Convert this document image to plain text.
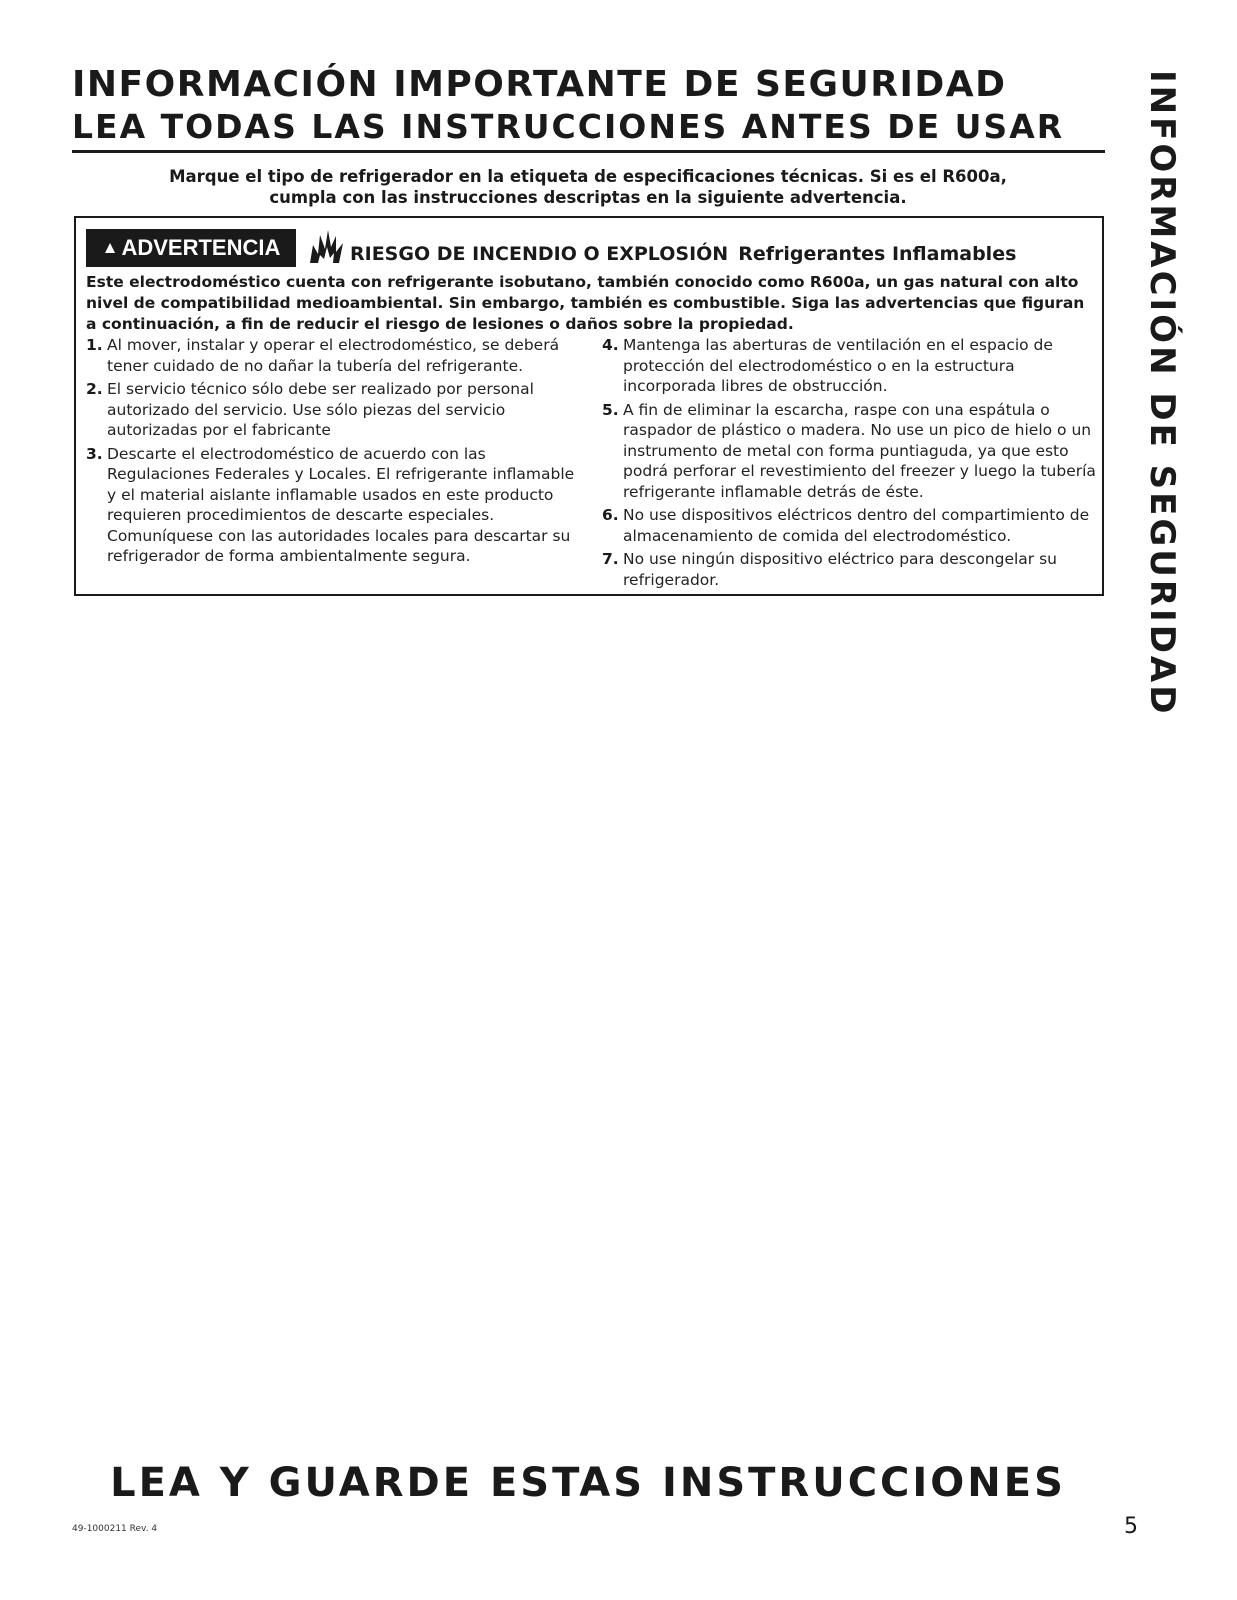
INFORMACIÓN IMPORTANTE DE SEGURIDAD
LEA TODAS LAS INSTRUCCIONES ANTES DE USAR
Marque el tipo de refrigerador en la etiqueta de especificaciones técnicas. Si es el R600a,
cumpla con las instrucciones descriptas en la siguiente advertencia.
▲ ADVERTENCIA	RIESGO DE INCENDIO O EXPLOSIÓN Refrigerantes Inflamables
Este electrodoméstico cuenta con refrigerante isobutano, también conocido como R600a, un gas natural con alto nivel de compatibilidad medioambiental. Sin embargo, también es combustible. Siga las advertencias que figuran a continuación, a fin de reducir el riesgo de lesiones o daños sobre la propiedad.
1. Al mover, instalar y operar el electrodoméstico, se deberá tener cuidado de no dañar la tubería del refrigerante.
2. El servicio técnico sólo debe ser realizado por personal autorizado del servicio. Use sólo piezas del servicio autorizadas por el fabricante
3. Descarte el electrodoméstico de acuerdo con las Regulaciones Federales y Locales. El refrigerante inflamable y el material aislante inflamable usados en este producto requieren procedimientos de descarte especiales. Comuníquese con las autoridades locales para descartar su refrigerador de forma ambientalmente segura.
4. Mantenga las aberturas de ventilación en el espacio de protección del electrodoméstico o en la estructura incorporada libres de obstrucción.
5. A fin de eliminar la escarcha, raspe con una espátula o raspador de plástico o madera. No use un pico de hielo o un instrumento de metal con forma puntiaguda, ya que esto podrá perforar el revestimiento del freezer y luego la tubería refrigerante inflamable detrás de éste.
6. No use dispositivos eléctricos dentro del compartimiento de almacenamiento de comida del electrodoméstico.
7. No use ningún dispositivo eléctrico para descongelar su refrigerador.	INFORMACIÓN DE SEGURIDAD
LEA Y GUARDE ESTAS INSTRUCCIONES
49-1000211 Rev. 4	5
